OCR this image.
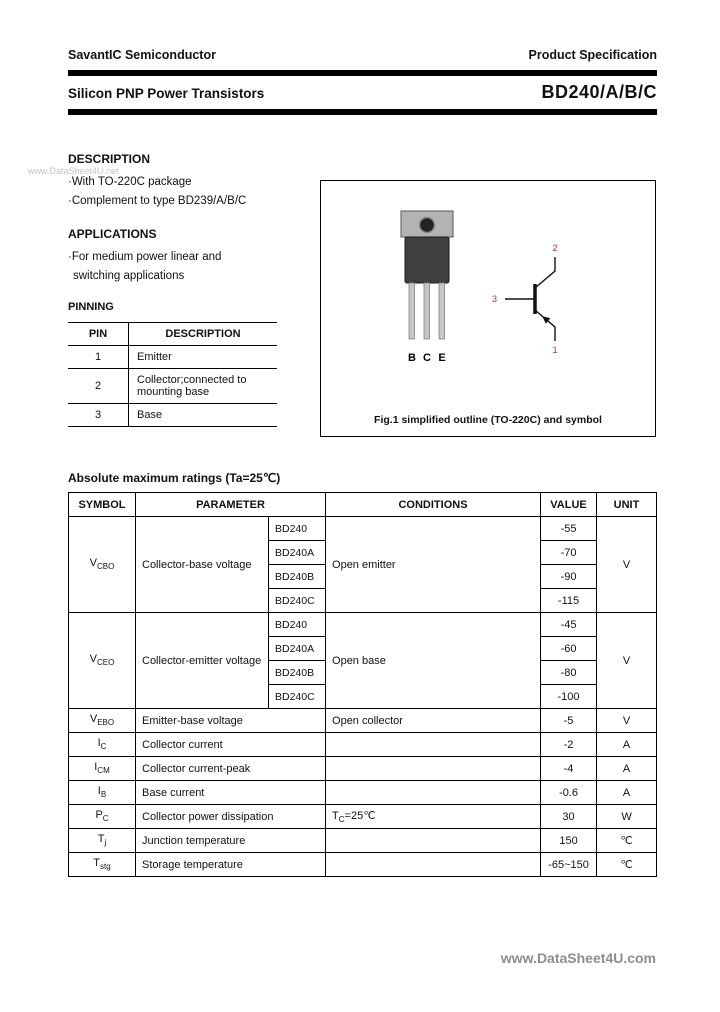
www.DataSheet4U.net
SavantIC Semiconductor	Product Specification
Silicon PNP Power Transistors	BD240/A/B/C
DESCRIPTION
·With TO-220C package
·Complement to type BD239/A/B/C
APPLICATIONS
·For medium power linear and
switching applications
PINNING
PIN	DESCRIPTION
1	Emitter
2	Collector;connected to mounting base
3	Base
B C E
3
2
1
Fig.1 simplified outline (TO-220C) and symbol
Absolute maximum ratings (Ta=25℃)
SYMBOL	PARAMETER		CONDITIONS	VALUE	UNIT
$V_{CBO}$	Collector-base voltage	BD240	Open emitter	-55	V
		BD240A		-70	
		BD240B		-90	
		BD240C		-115	
$V_{CEO}$	Collector-emitter voltage	BD240	Open base	-45	V
		BD240A		-60	
		BD240B		-80	
		BD240C		-100	
$V_{EBO}$	Emitter-base voltage		Open collector	-5	V
$I_C$	Collector current			-2	A
$I_{CM}$	Collector current-peak			-4	A
$I_B$	Base current			-0.6	A
$P_C$	Collector power dissipation		$T_C=25℃$	30	W
$T_j$	Junction temperature			150	℃
$T_{stg}$	Storage temperature			-65~150	℃
www.DataSheet4U.com
